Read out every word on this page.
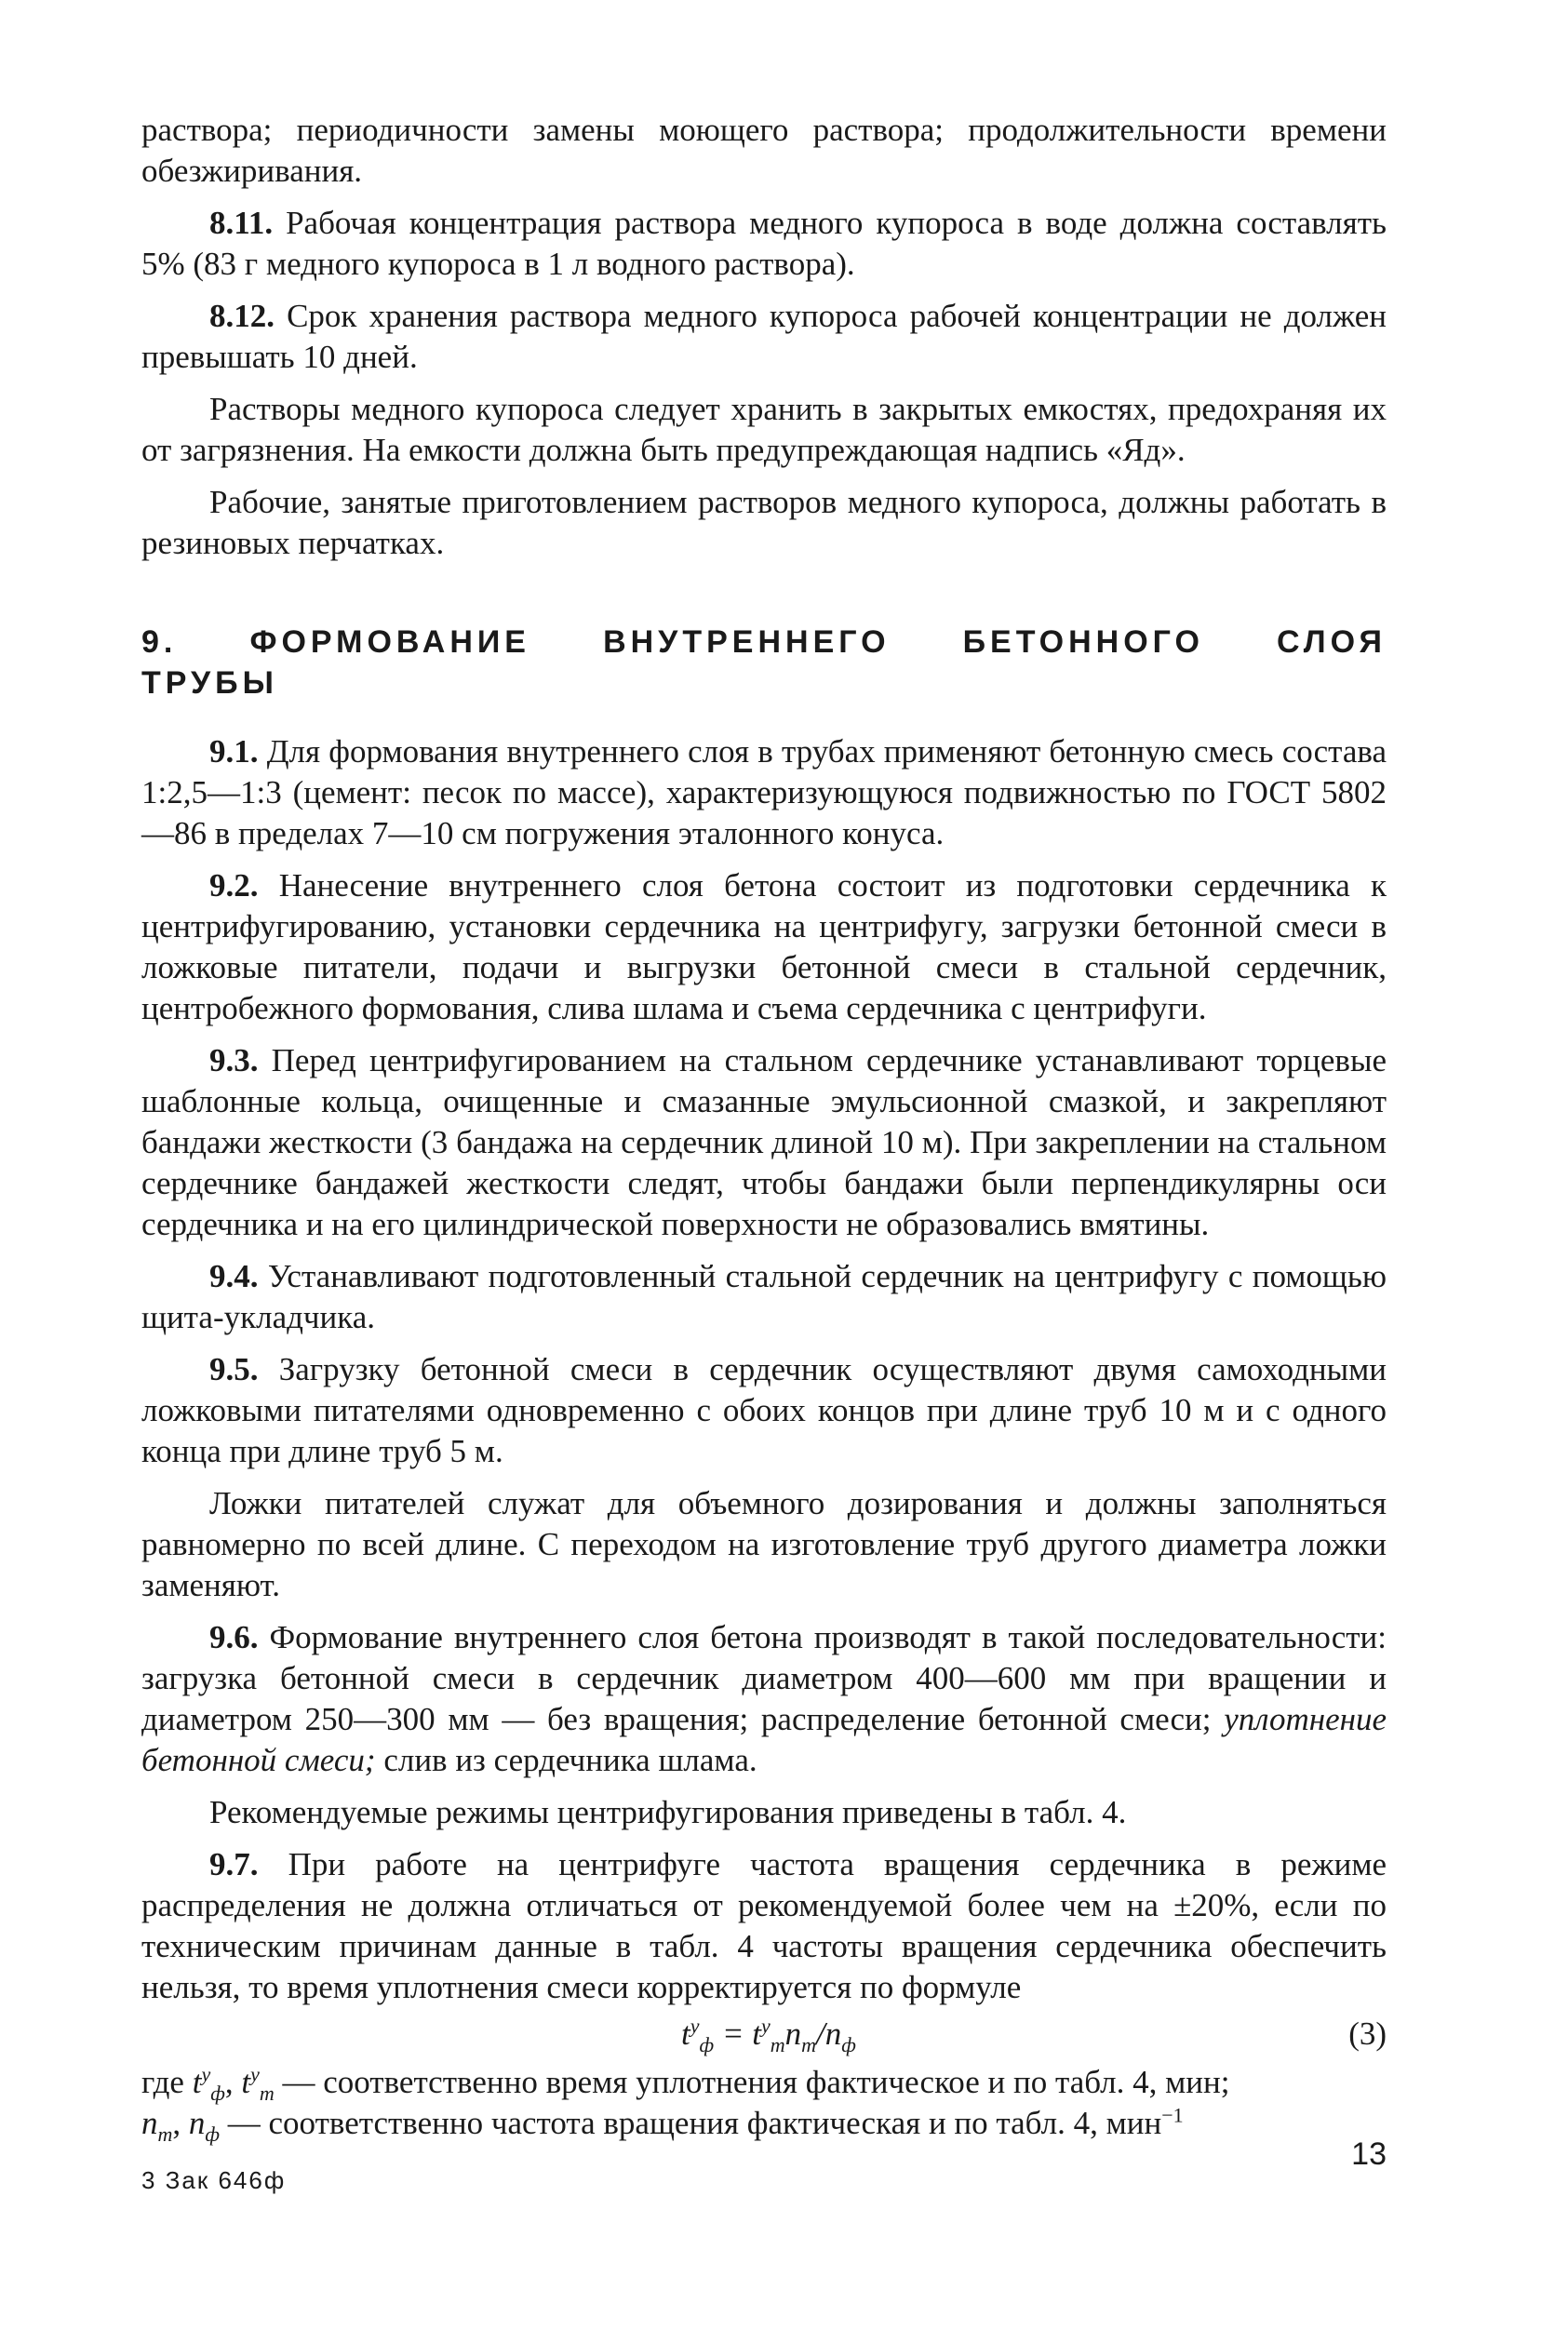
раствора; периодичности замены моющего раствора; продолжительности времени обезжиривания.

8.11. Рабочая концентрация раствора медного купороса в воде должна составлять 5% (83 г медного купороса в 1 л водного раствора).

8.12. Срок хранения раствора медного купороса рабочей концентрации не должен превышать 10 дней.

Растворы медного купороса следует хранить в закрытых емкостях, предохраняя их от загрязнения. На емкости должна быть предупреждающая надпись «Яд».

Рабочие, занятые приготовлением растворов медного купороса, должны работать в резиновых перчатках.

9. ФОРМОВАНИЕ ВНУТРЕННЕГО БЕТОННОГО СЛОЯ ТРУБЫ

9.1. Для формования внутреннего слоя в трубах применяют бетонную смесь состава 1:2,5—1:3 (цемент: песок по массе), характеризующуюся подвижностью по ГОСТ 5802—86 в пределах 7—10 см погружения эталонного конуса.

9.2. Нанесение внутреннего слоя бетона состоит из подготовки сердечника к центрифугированию, установки сердечника на центрифугу, загрузки бетонной смеси в ложковые питатели, подачи и выгрузки бетонной смеси в стальной сердечник, центробежного формования, слива шлама и съема сердечника с центрифуги.

9.3. Перед центрифугированием на стальном сердечнике устанавливают торцевые шаблонные кольца, очищенные и смазанные эмульсионной смазкой, и закрепляют бандажи жесткости (3 бандажа на сердечник длиной 10 м). При закреплении на стальном сердечнике бандажей жесткости следят, чтобы бандажи были перпендикулярны оси сердечника и на его цилиндрической поверхности не образовались вмятины.

9.4. Устанавливают подготовленный стальной сердечник на центрифугу с помощью щита-укладчика.

9.5. Загрузку бетонной смеси в сердечник осуществляют двумя самоходными ложковыми питателями одновременно с обоих концов при длине труб 10 м и с одного конца при длине труб 5 м.

Ложки питателей служат для объемного дозирования и должны заполняться равномерно по всей длине. С переходом на изготовление труб другого диаметра ложки заменяют.

9.6. Формование внутреннего слоя бетона производят в такой последовательности: загрузка бетонной смеси в сердечник диаметром 400—600 мм при вращении и диаметром 250—300 мм — без вращения; распределение бетонной смеси; уплотнение бетонной смеси; слив из сердечника шлама.

Рекомендуемые режимы центрифугирования приведены в табл. 4.

9.7. При работе на центрифуге частота вращения сердечника в режиме распределения не должна отличаться от рекомендуемой более чем на ±20%, если по техническим причинам данные в табл. 4 частоты вращения сердечника обеспечить нельзя, то время уплотнения смеси корректируется по формуле

$t^у_ф = t^у_тn_т/n_ф$	(3)

где $t^у_ф$, $t^у_т$ — соответственно время уплотнения фактическое и по табл. 4, мин;

$n_т$, $n_ф$ — соответственно частота вращения фактическая и по табл. 4, мин$^{-1}$

3 Зак 646ф
13
